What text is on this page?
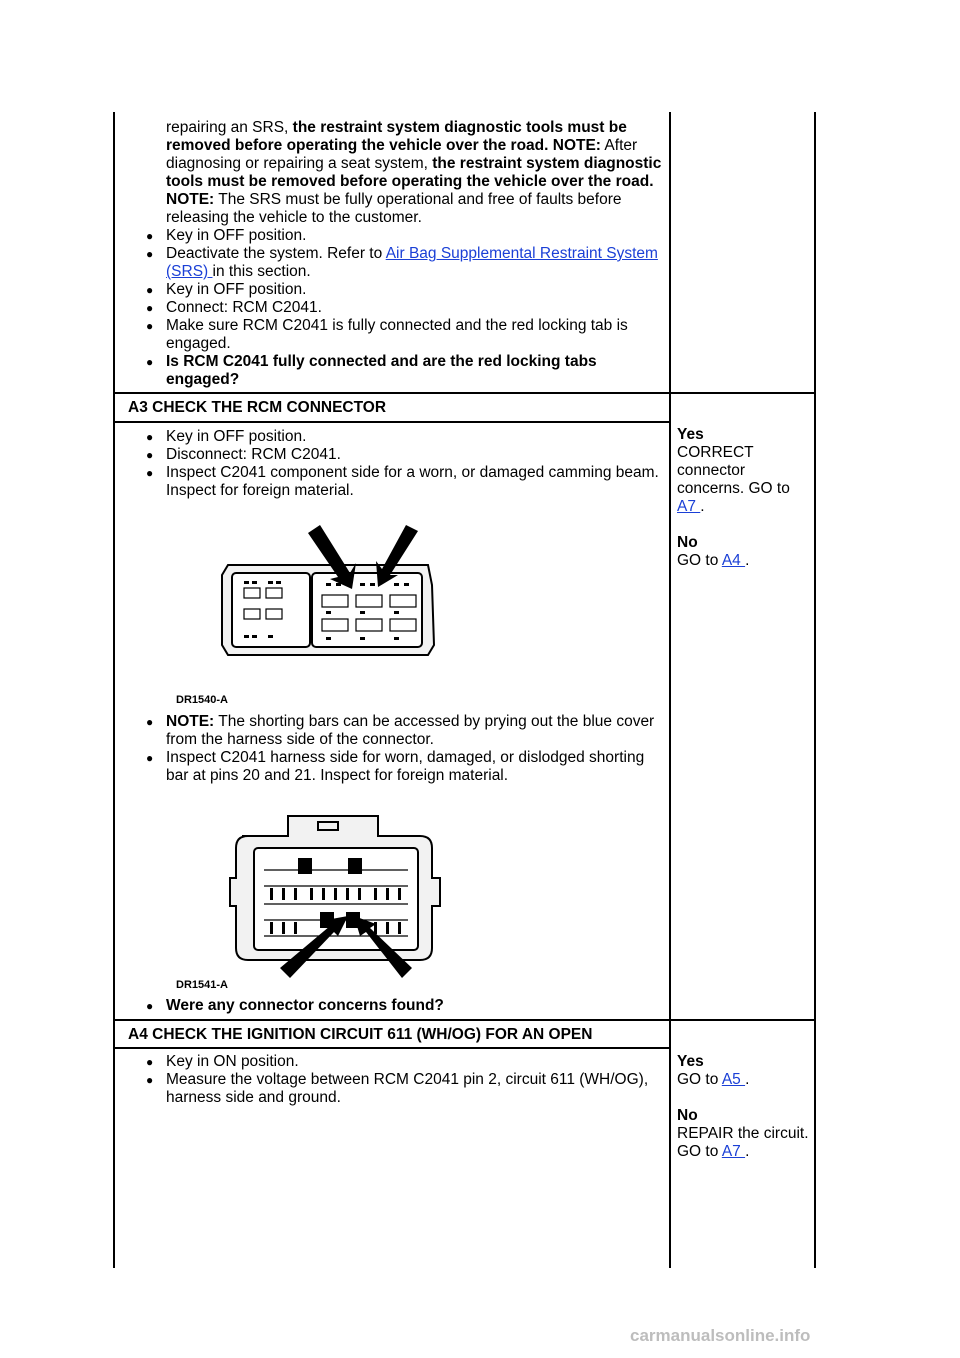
repairing an SRS, the restraint system diagnostic tools must be removed before operating the vehicle over the road. NOTE: After diagnosing or repairing a seat system, the restraint system diagnostic tools must be removed before operating the vehicle over the road. NOTE: The SRS must be fully operational and free of faults before releasing the vehicle to the customer.
● Key in OFF position.
● Deactivate the system. Refer to Air Bag Supplemental Restraint System (SRS) in this section.
● Key in OFF position.
● Connect: RCM C2041.
● Make sure RCM C2041 is fully connected and the red locking tab is engaged.
● Is RCM C2041 fully connected and are the red locking tabs engaged?
A3 CHECK THE RCM CONNECTOR
● Key in OFF position.
● Disconnect: RCM C2041.
● Inspect C2041 component side for a worn, or damaged camming beam. Inspect for foreign material.
DR1540-A
● NOTE: The shorting bars can be accessed by prying out the blue cover from the harness side of the connector.
● Inspect C2041 harness side for worn, damaged, or dislodged shorting bar at pins 20 and 21. Inspect for foreign material.
DR1541-A
● Were any connector concerns found?
Yes
CORRECT connector concerns. GO to A7 .
No
GO to A4 .
A4 CHECK THE IGNITION CIRCUIT 611 (WH/OG) FOR AN OPEN
● Key in ON position.
● Measure the voltage between RCM C2041 pin 2, circuit 611 (WH/OG), harness side and ground.
Yes
GO to A5 .
No
REPAIR the circuit. GO to A7 .
carmanualsonline.info
